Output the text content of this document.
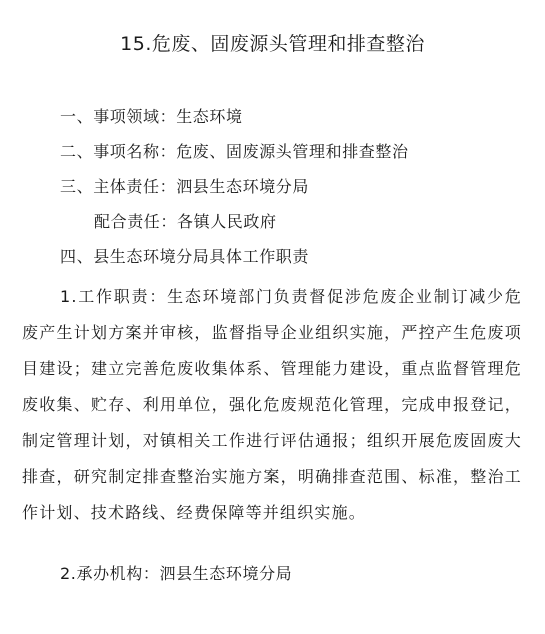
15.危废、固废源头管理和排查整治
一、事项领域：生态环境
二、事项名称：危废、固废源头管理和排查整治
三、主体责任：泗县生态环境分局
配合责任：各镇人民政府
四、县生态环境分局具体工作职责
1.工作职责：生态环境部门负责督促涉危废企业制订减少危废产生计划方案并审核，监督指导企业组织实施，严控产生危废项目建设；建立完善危废收集体系、管理能力建设，重点监督管理危废收集、贮存、利用单位，强化危废规范化管理，完成申报登记，制定管理计划，对镇相关工作进行评估通报；组织开展危废固废大排查，研究制定排查整治实施方案，明确排查范围、标准，整治工作计划、技术路线、经费保障等并组织实施。
2.承办机构：泗县生态环境分局
